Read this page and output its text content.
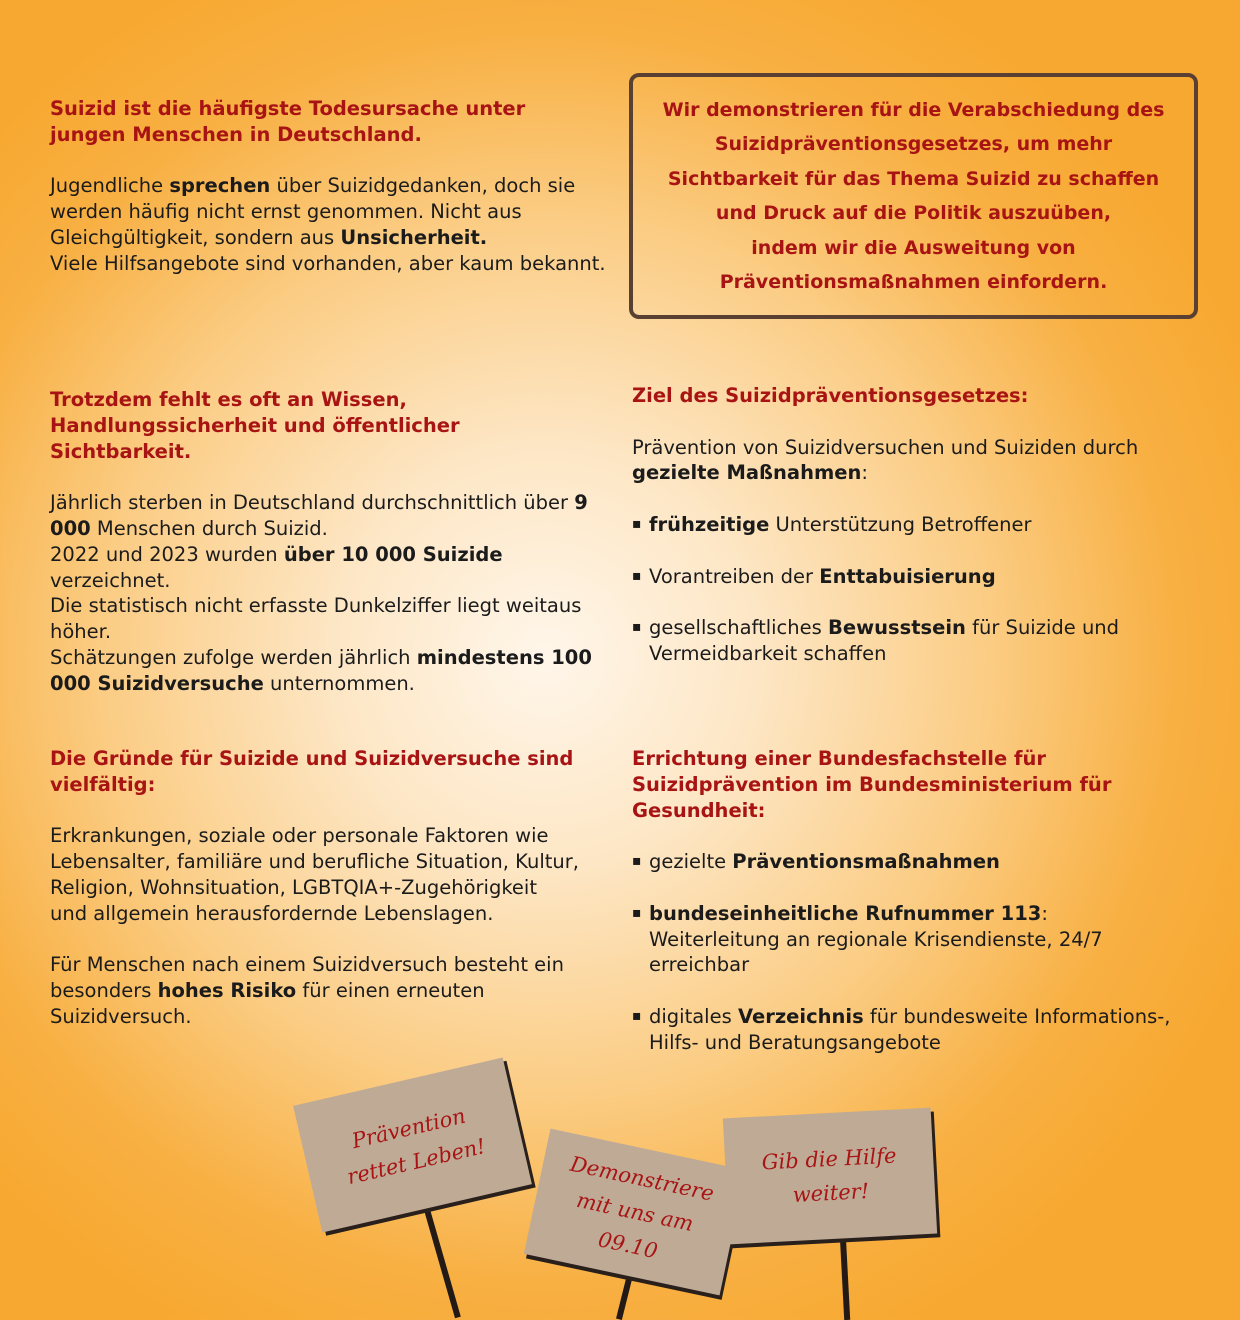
Suizid ist die häufigste Todesursache unter jungen Menschen in Deutschland.

Jugendliche sprechen über Suizidgedanken, doch sie werden häufig nicht ernst genommen. Nicht aus Gleichgültigkeit, sondern aus Unsicherheit.

Viele Hilfsangebote sind vorhanden, aber kaum bekannt.

Trotzdem fehlt es oft an Wissen, Handlungssicherheit und öffentlicher Sichtbarkeit.

Jährlich sterben in Deutschland durchschnittlich über 9 000 Menschen durch Suizid.

2022 und 2023 wurden über 10 000 Suizide verzeichnet.

Die statistisch nicht erfasste Dunkelziffer liegt weitaus höher.

Schätzungen zufolge werden jährlich mindestens 100 000 Suizidversuche unternommen.

Die Gründe für Suizide und Suizidversuche sind vielfältig:

Erkrankungen, soziale oder personale Faktoren wie Lebensalter, familiäre und berufliche Situation, Kultur, Religion, Wohnsituation, LGBTQIA+-Zugehörigkeit und allgemein herausfordernde Lebenslagen.

Für Menschen nach einem Suizidversuch besteht ein besonders hohes Risiko für einen erneuten Suizidversuch.

Wir demonstrieren für die Verabschiedung des
Suizidpräventionsgesetzes, um mehr
Sichtbarkeit für das Thema Suizid zu schaffen
und Druck auf die Politik auszuüben,
indem wir die Ausweitung von
Präventionsmaßnahmen einfordern.

Ziel des Suizidpräventionsgesetzes:

Prävention von Suizidversuchen und Suiziden durch gezielte Maßnahmen:

▪ frühzeitige Unterstützung Betroffener

▪ Vorantreiben der Enttabuisierung

▪ gesellschaftliches Bewusstsein für Suizide und Vermeidbarkeit schaffen

Errichtung einer Bundesfachstelle für Suizidprävention im Bundesministerium für Gesundheit:

▪ gezielte Präventionsmaßnahmen

▪ bundeseinheitliche Rufnummer 113:
Weiterleitung an regionale Krisendienste, 24/7 erreichbar

▪ digitales Verzeichnis für bundesweite Informations-, Hilfs- und Beratungsangebote

Prävention rettet Leben!	Demonstriere mit uns am 09.10
Gib die Hilfe weiter!
